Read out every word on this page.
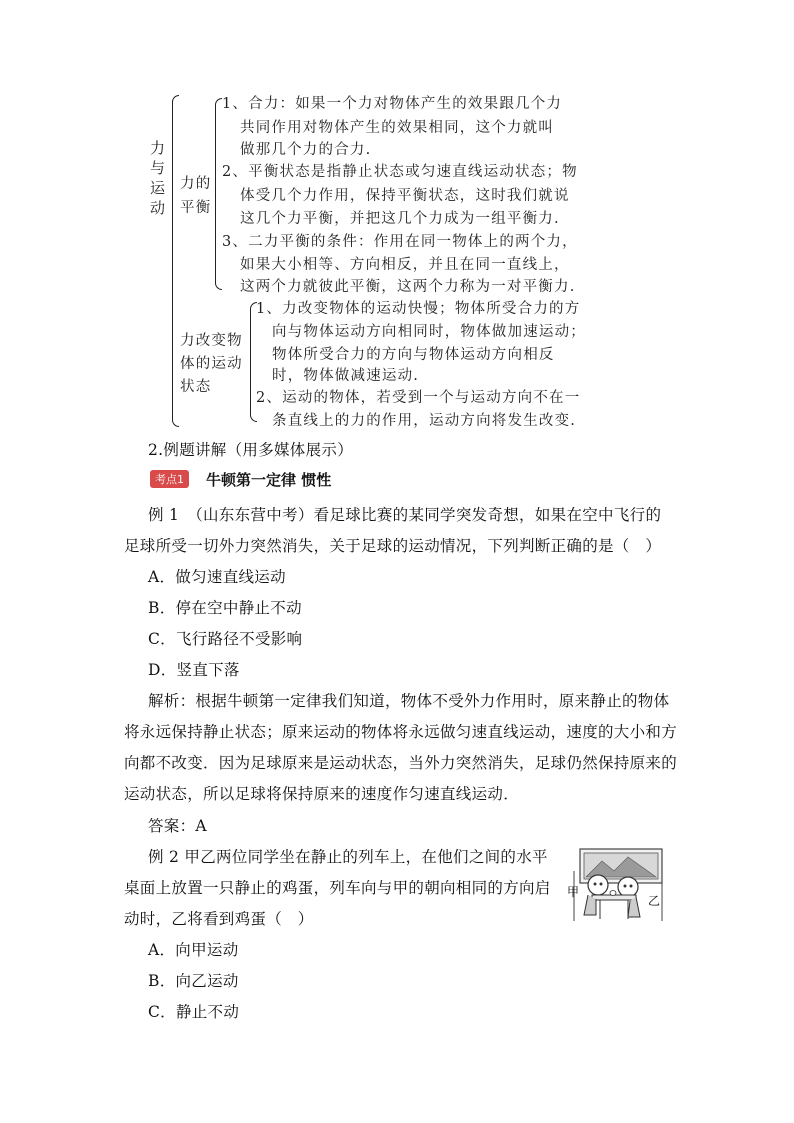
力与运动
力的平衡
1、合力：如果一个力对物体产生的效果跟几个力
共同作用对物体产生的效果相同，这个力就叫
做那几个力的合力.
2、平衡状态是指静止状态或匀速直线运动状态；物
体受几个力作用，保持平衡状态，这时我们就说
这几个力平衡，并把这几个力成为一组平衡力.
3、二力平衡的条件：作用在同一物体上的两个力，
如果大小相等、方向相反，并且在同一直线上，
这两个力就彼此平衡，这两个力称为一对平衡力.
力改变物
体的运动
状态
1、力改变物体的运动快慢；物体所受合力的方
向与物体运动方向相同时，物体做加速运动；
物体所受合力的方向与物体运动方向相反
时，物体做减速运动.
2、运动的物体，若受到一个与运动方向不在一
条直线上的力的作用，运动方向将发生改变.
2.例题讲解（用多媒体展示）
考点1	牛顿第一定律 惯性
例 1　（山东东营中考）看足球比赛的某同学突发奇想，如果在空中飞行的
足球所受一切外力突然消失，关于足球的运动情况，下列判断正确的是（　）
A．做匀速直线运动
B．停在空中静止不动
C．飞行路径不受影响
D．竖直下落
解析：根据牛顿第一定律我们知道，物体不受外力作用时，原来静止的物体
将永远保持静止状态；原来运动的物体将永远做匀速直线运动，速度的大小和方
向都不改变．因为足球原来是运动状态，当外力突然消失，足球仍然保持原来的
运动状态，所以足球将保持原来的速度作匀速直线运动．
答案：A
例 2 甲乙两位同学坐在静止的列车上，在他们之间的水平
桌面上放置一只静止的鸡蛋，列车向与甲的朝向相同的方向启
动时，乙将看到鸡蛋（　）
A．向甲运动
B．向乙运动
C．静止不动
甲
乙
